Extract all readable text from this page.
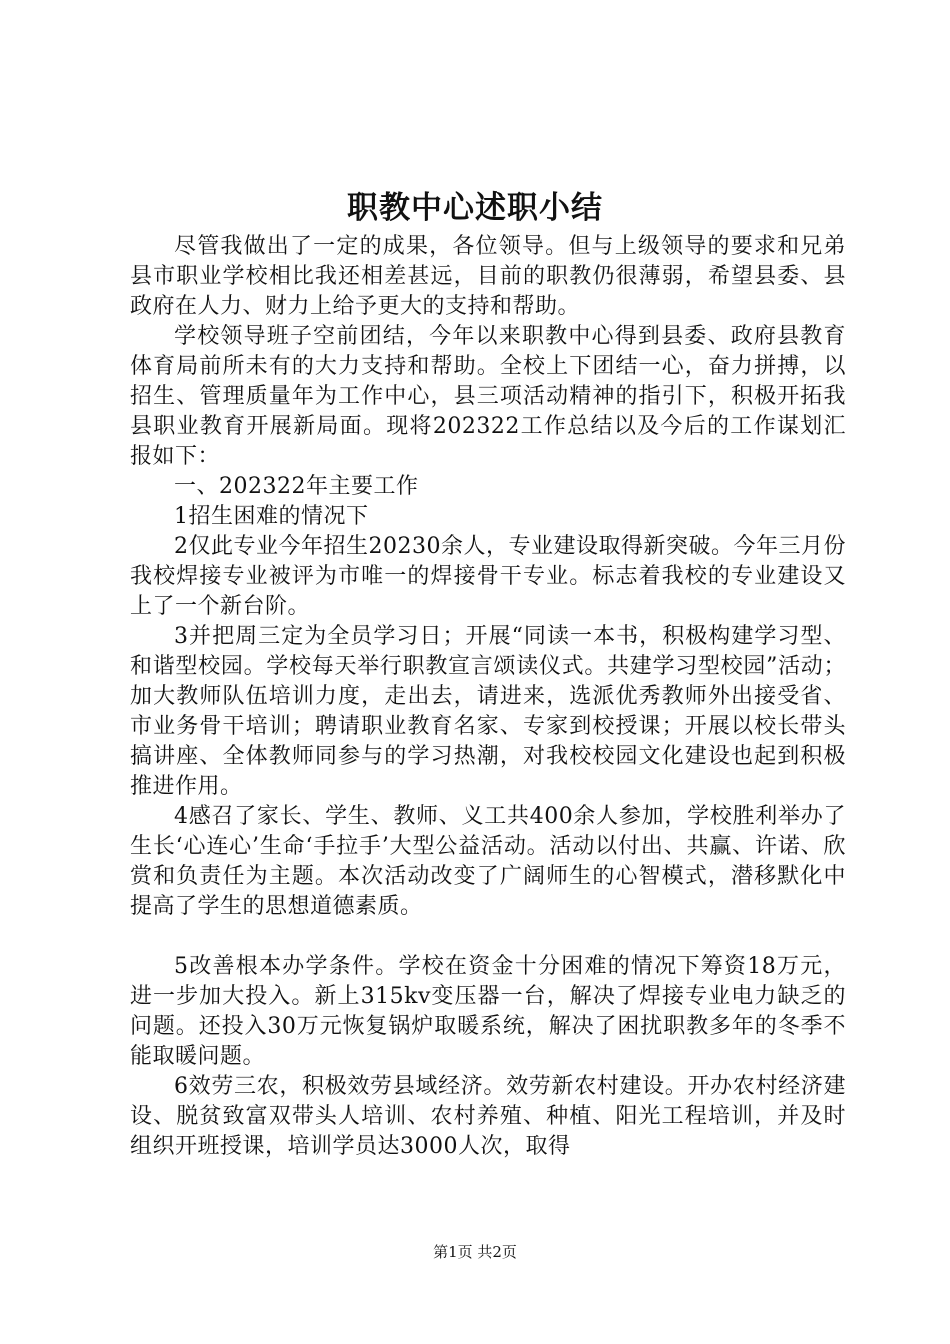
职教中心述职小结

尽管我做出了一定的成果，各位领导。但与上级领导的要求和兄弟县市职业学校相比我还相差甚远，目前的职教仍很薄弱，希望县委、县政府在人力、财力上给予更大的支持和帮助。

学校领导班子空前团结，今年以来职教中心得到县委、政府县教育体育局前所未有的大力支持和帮助。全校上下团结一心，奋力拼搏，以招生、管理质量年为工作中心，县三项活动精神的指引下，积极开拓我县职业教育开展新局面。现将202322工作总结以及今后的工作谋划汇报如下：

一、202322年主要工作

1招生困难的情况下

2仅此专业今年招生20230余人，专业建设取得新突破。今年三月份我校焊接专业被评为市唯一的焊接骨干专业。标志着我校的专业建设又上了一个新台阶。

3并把周三定为全员学习日；开展“同读一本书，积极构建学习型、和谐型校园。学校每天举行职教宣言颂读仪式。共建学习型校园”活动；加大教师队伍培训力度，走出去，请进来，选派优秀教师外出接受省、市业务骨干培训；聘请职业教育名家、专家到校授课；开展以校长带头搞讲座、全体教师同参与的学习热潮，对我校校园文化建设也起到积极推进作用。

4感召了家长、学生、教师、义工共400余人参加，学校胜利举办了生长‘心连心’生命‘手拉手’大型公益活动。活动以付出、共赢、许诺、欣赏和负责任为主题。本次活动改变了广阔师生的心智模式，潜移默化中提高了学生的思想道德素质。

5改善根本办学条件。学校在资金十分困难的情况下筹资18万元，进一步加大投入。新上315kv变压器一台，解决了焊接专业电力缺乏的问题。还投入30万元恢复锅炉取暖系统，解决了困扰职教多年的冬季不能取暖问题。

6效劳三农，积极效劳县域经济。效劳新农村建设。开办农村经济建设、脱贫致富双带头人培训、农村养殖、种植、阳光工程培训，并及时组织开班授课，培训学员达3000人次，取得

第1页 共2页
